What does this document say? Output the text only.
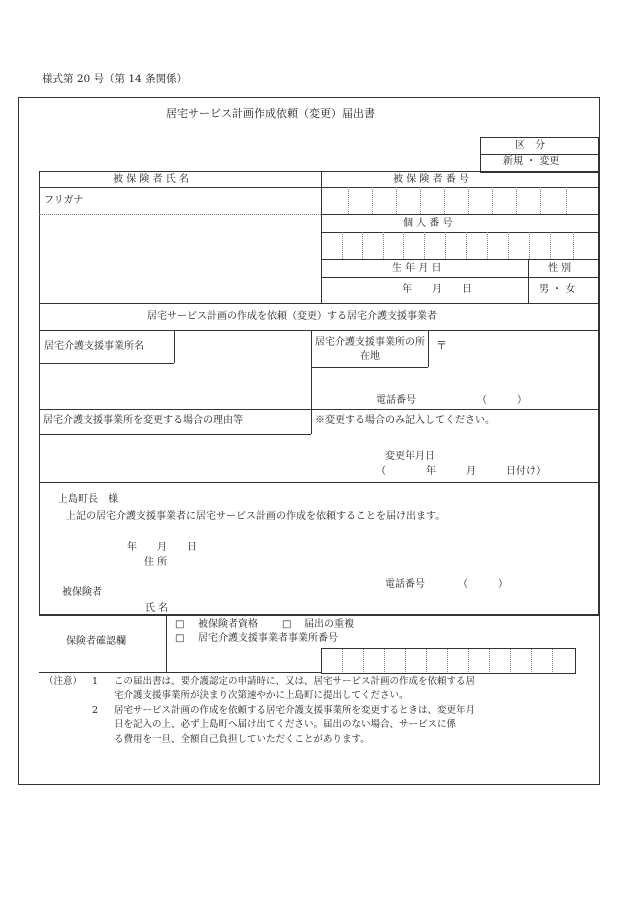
様式第 20 号（第 14 条関係）
居宅サービス計画作成依頼（変更）届出書
区　分
新規 ・ 変更
被 保 険 者 氏 名	被 保 険 者 番 号
フリガナ
個 人 番 号
生 年 月 日	性 別
年　　月　　日	男 ・ 女
居宅サービス計画の作成を依頼（変更）する居宅介護支援事業者
居宅介護支援事業所名	居宅介護支援事業所の所在地
〒
電話番号	（　　　）
居宅介護支援事業所を変更する場合の理由等	※変更する場合のみ記入してください。
変更年月日
（　　　　年　　　月　　　日付け）
上島町長　様
上記の居宅介護支援事業者に居宅サービス計画の作成を依頼することを届け出ます。
年　　月　　日
住 所
電話番号	（　　　）
被保険者
氏 名
保険者確認欄
□ 被保険者資格 □ 届出の重複
□ 居宅介護支援事業者事業所番号
（注意） 1 この届出書は、要介護認定の申請時に、又は、居宅サービス計画の作成を依頼する居
宅介護支援事業所が決まり次第速やかに上島町に提出してください。
2 居宅サービス計画の作成を依頼する居宅介護支援事業所を変更するときは、変更年月
日を記入の上、必ず上島町へ届け出てください。届出のない場合、サービスに係
る費用を一旦、全額自己負担していただくことがあります。
